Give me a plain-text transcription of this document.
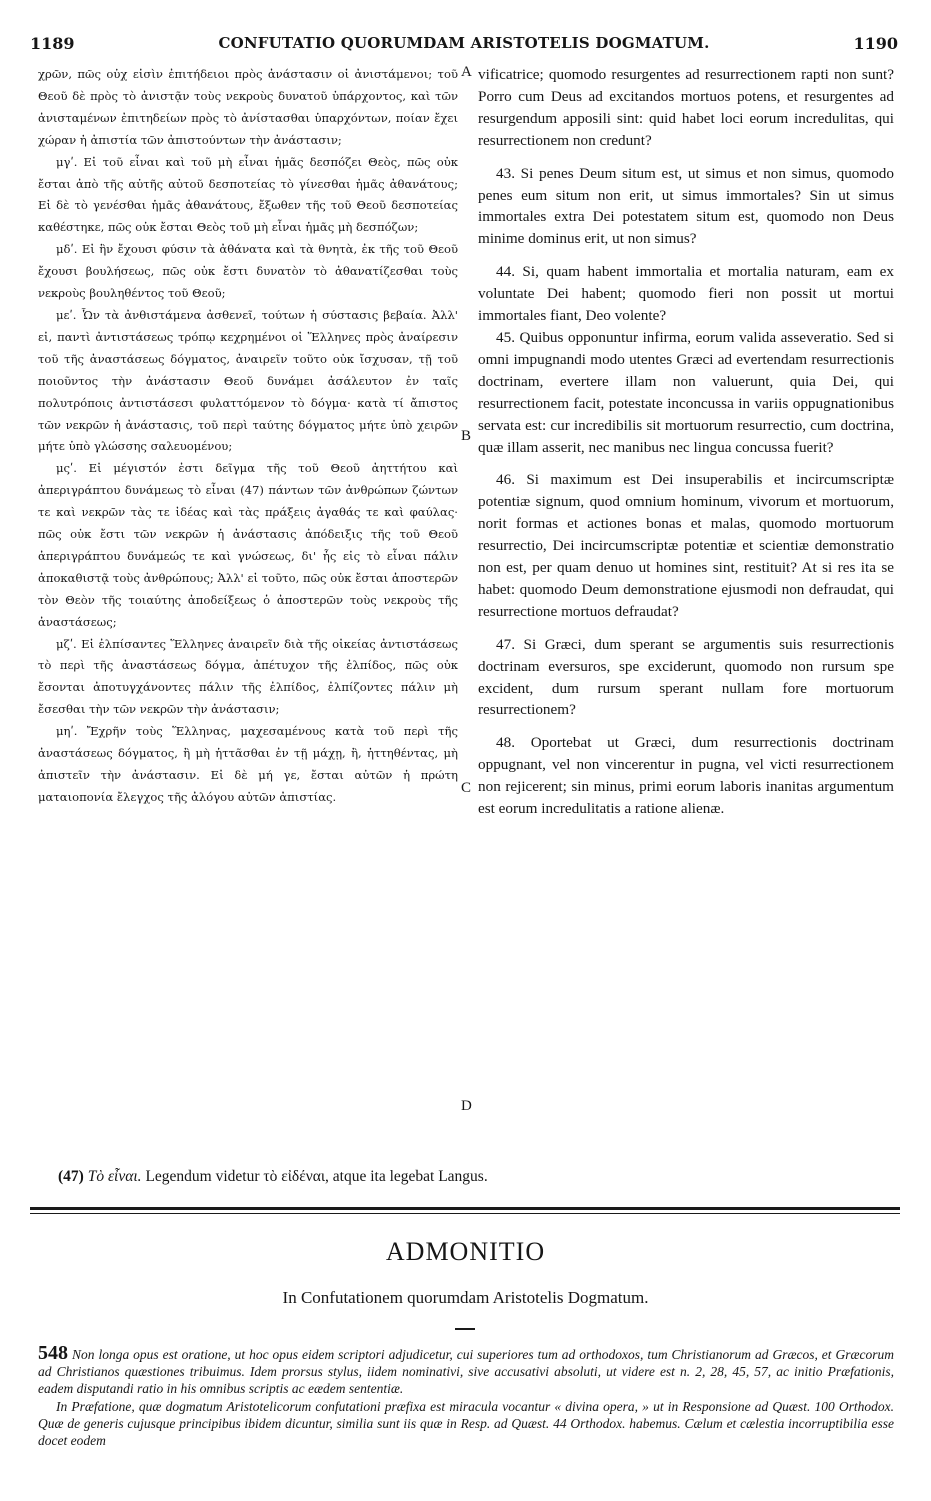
1189	CONFUTATIO QUORUMDAM ARISTOTELIS DOGMATUM.	1190

χρῶν, πῶς οὐχ εἰσὶν ἐπιτήδειοι πρὸς ἀνάστασιν οἱ ἀνιστάμενοι; τοῦ Θεοῦ δὲ πρὸς τὸ ἀνιστᾷν τοὺς νεκροὺς δυνατοῦ ὑπάρχοντος, καὶ τῶν ἀνισταμένων ἐπιτηδείων πρὸς τὸ ἀνίστασθαι ὑπαρχόντων, ποίαν ἔχει χώραν ἡ ἀπιστία τῶν ἀπιστούντων τὴν ἀνάστασιν;

μγʹ. Εἰ τοῦ εἶναι καὶ τοῦ μὴ εἶναι ἡμᾶς δεσπόζει Θεὸς, πῶς οὐκ ἔσται ἀπὸ τῆς αὐτῆς αὐτοῦ δεσποτείας τὸ γίνεσθαι ἡμᾶς ἀθανάτους; Εἰ δὲ τὸ γενέσθαι ἡμᾶς ἀθανάτους, ἔξωθεν τῆς τοῦ Θεοῦ δεσποτείας καθέστηκε, πῶς οὐκ ἔσται Θεὸς τοῦ μὴ εἶναι ἡμᾶς μὴ δεσπόζων;

μδʹ. Εἰ ἣν ἔχουσι φύσιν τὰ ἀθάνατα καὶ τὰ θνητὰ, ἐκ τῆς τοῦ Θεοῦ ἔχουσι βουλήσεως, πῶς οὐκ ἔστι δυνατὸν τὸ ἀθανατίζεσθαι τοὺς νεκροὺς βουληθέντος τοῦ Θεοῦ;

μεʹ. Ὧν τὰ ἀνθιστάμενα ἀσθενεῖ, τούτων ἡ σύστασις βεβαία. Ἀλλ' εἰ, παντὶ ἀντιστάσεως τρόπῳ κεχρημένοι οἱ Ἕλληνες πρὸς ἀναίρεσιν τοῦ τῆς ἀναστάσεως δόγματος, ἀναιρεῖν τοῦτο οὐκ ἴσχυσαν, τῇ τοῦ ποιοῦντος τὴν ἀνάστασιν Θεοῦ δυνάμει ἀσάλευτον ἐν ταῖς πολυτρόποις ἀντιστάσεσι φυλαττόμενον τὸ δόγμα· κατὰ τί ἄπιστος τῶν νεκρῶν ἡ ἀνάστασις, τοῦ περὶ ταύτης δόγματος μήτε ὑπὸ χειρῶν μήτε ὑπὸ γλώσσης σαλευομένου;

μςʹ. Εἰ μέγιστόν ἐστι δεῖγμα τῆς τοῦ Θεοῦ ἀηττήτου καὶ ἀπεριγράπτου δυνάμεως τὸ εἶναι (47) πάντων τῶν ἀνθρώπων ζώντων τε καὶ νεκρῶν τὰς τε ἰδέας καὶ τὰς πράξεις ἀγαθάς τε καὶ φαύλας· πῶς οὐκ ἔστι τῶν νεκρῶν ἡ ἀνάστασις ἀπόδειξις τῆς τοῦ Θεοῦ ἀπεριγράπτου δυνάμεώς τε καὶ γνώσεως, δι' ἧς εἰς τὸ εἶναι πάλιν ἀποκαθιστᾷ τοὺς ἀνθρώπους; Ἀλλ' εἰ τοῦτο, πῶς οὐκ ἔσται ἀποστερῶν τὸν Θεὸν τῆς τοιαύτης ἀποδείξεως ὁ ἀποστερῶν τοὺς νεκροὺς τῆς ἀναστάσεως;

μζʹ. Εἰ ἐλπίσαντες Ἕλληνες ἀναιρεῖν διὰ τῆς οἰκείας ἀντιστάσεως τὸ περὶ τῆς ἀναστάσεως δόγμα, ἀπέτυχον τῆς ἐλπίδος, πῶς οὐκ ἔσονται ἀποτυγχάνοντες πάλιν τῆς ἐλπίδος, ἐλπίζοντες πάλιν μὴ ἔσεσθαι τὴν τῶν νεκρῶν τὴν ἀνάστασιν;

μηʹ. Ἔχρῆν τοὺς Ἕλληνας, μαχεσαμένους κατὰ τοῦ περὶ τῆς ἀναστάσεως δόγματος, ἢ μὴ ἡττᾶσθαι ἐν τῇ μάχῃ, ἢ, ἡττηθέντας, μὴ ἀπιστεῖν τὴν ἀνάστασιν. Εἰ δὲ μή γε, ἔσται αὐτῶν ἡ πρώτη ματαιοπονία ἔλεγχος τῆς ἀλόγου αὐτῶν ἀπιστίας.

A
B
C
D

vificatrice; quomodo resurgentes ad resurrectionem rapti non sunt? Porro cum Deus ad excitandos mortuos potens, et resurgentes ad resurgendum apposili sint: quid habet loci eorum incredulitas, qui resurrectionem non credunt?

43. Si penes Deum situm est, ut simus et non simus, quomodo penes eum situm non erit, ut simus immortales? Sin ut simus immortales extra Dei potestatem situm est, quomodo non Deus minime dominus erit, ut non simus?

44. Si, quam habent immortalia et mortalia naturam, eam ex voluntate Dei habent; quomodo fieri non possit ut mortui immortales fiant, Deo volente?

45. Quibus opponuntur infirma, eorum valida asseveratio. Sed si omni impugnandi modo utentes Græci ad evertendam resurrectionis doctrinam, evertere illam non valuerunt, quia Dei, qui resurrectionem facit, potestate inconcussa in variis oppugnationibus servata est: cur incredibilis sit mortuorum resurrectio, cum doctrina, quæ illam asserit, nec manibus nec lingua concussa fuerit?

46. Si maximum est Dei insuperabilis et incircumscriptæ potentiæ signum, quod omnium hominum, vivorum et mortuorum, norit formas et actiones bonas et malas, quomodo mortuorum resurrectio, Dei incircumscriptæ potentiæ et scientiæ demonstratio non est, per quam denuo ut homines sint, restituit? At si res ita se habet: quomodo Deum demonstratione ejusmodi non defraudat, qui resurrectione mortuos defraudat?

47. Si Græci, dum sperant se argumentis suis resurrectionis doctrinam eversuros, spe exciderunt, quomodo non rursum spe excident, dum rursum sperant nullam fore mortuorum resurrectionem?

48. Oportebat ut Græci, dum resurrectionis doctrinam oppugnant, vel non vincerentur in pugna, vel victi resurrectionem non rejicerent; sin minus, primi eorum laboris inanitas argumentum est eorum incredulitatis a ratione alienæ.

(47) Τὸ εἶναι. Legendum videtur τὸ εἰδέναι, atque ita legebat Langus.
ADMONITIO
In Confutationem quorumdam Aristotelis Dogmatum.

548 Non longa opus est oratione, ut hoc opus eidem scriptori adjudicetur, cui superiores tum ad orthodoxos, tum Christianorum ad Græcos, et Græcorum ad Christianos quæstiones tribuimus. Idem prorsus stylus, iidem nominativi, sive accusativi absoluti, ut videre est n. 2, 28, 45, 57, ac initio Præfationis, eadem disputandi ratio in his omnibus scriptis ac eædem sententiæ.

In Præfatione, quæ dogmatum Aristotelicorum confutationi præfixa est miracula vocantur « divina opera, » ut in Responsione ad Quæst. 100 Orthodox. Quæ de generis cujusque principibus ibidem dicuntur, similia sunt iis quæ in Resp. ad Quæst. 44 Orthodox. habemus. Cælum et cælestia incorruptibilia esse docet eodem
